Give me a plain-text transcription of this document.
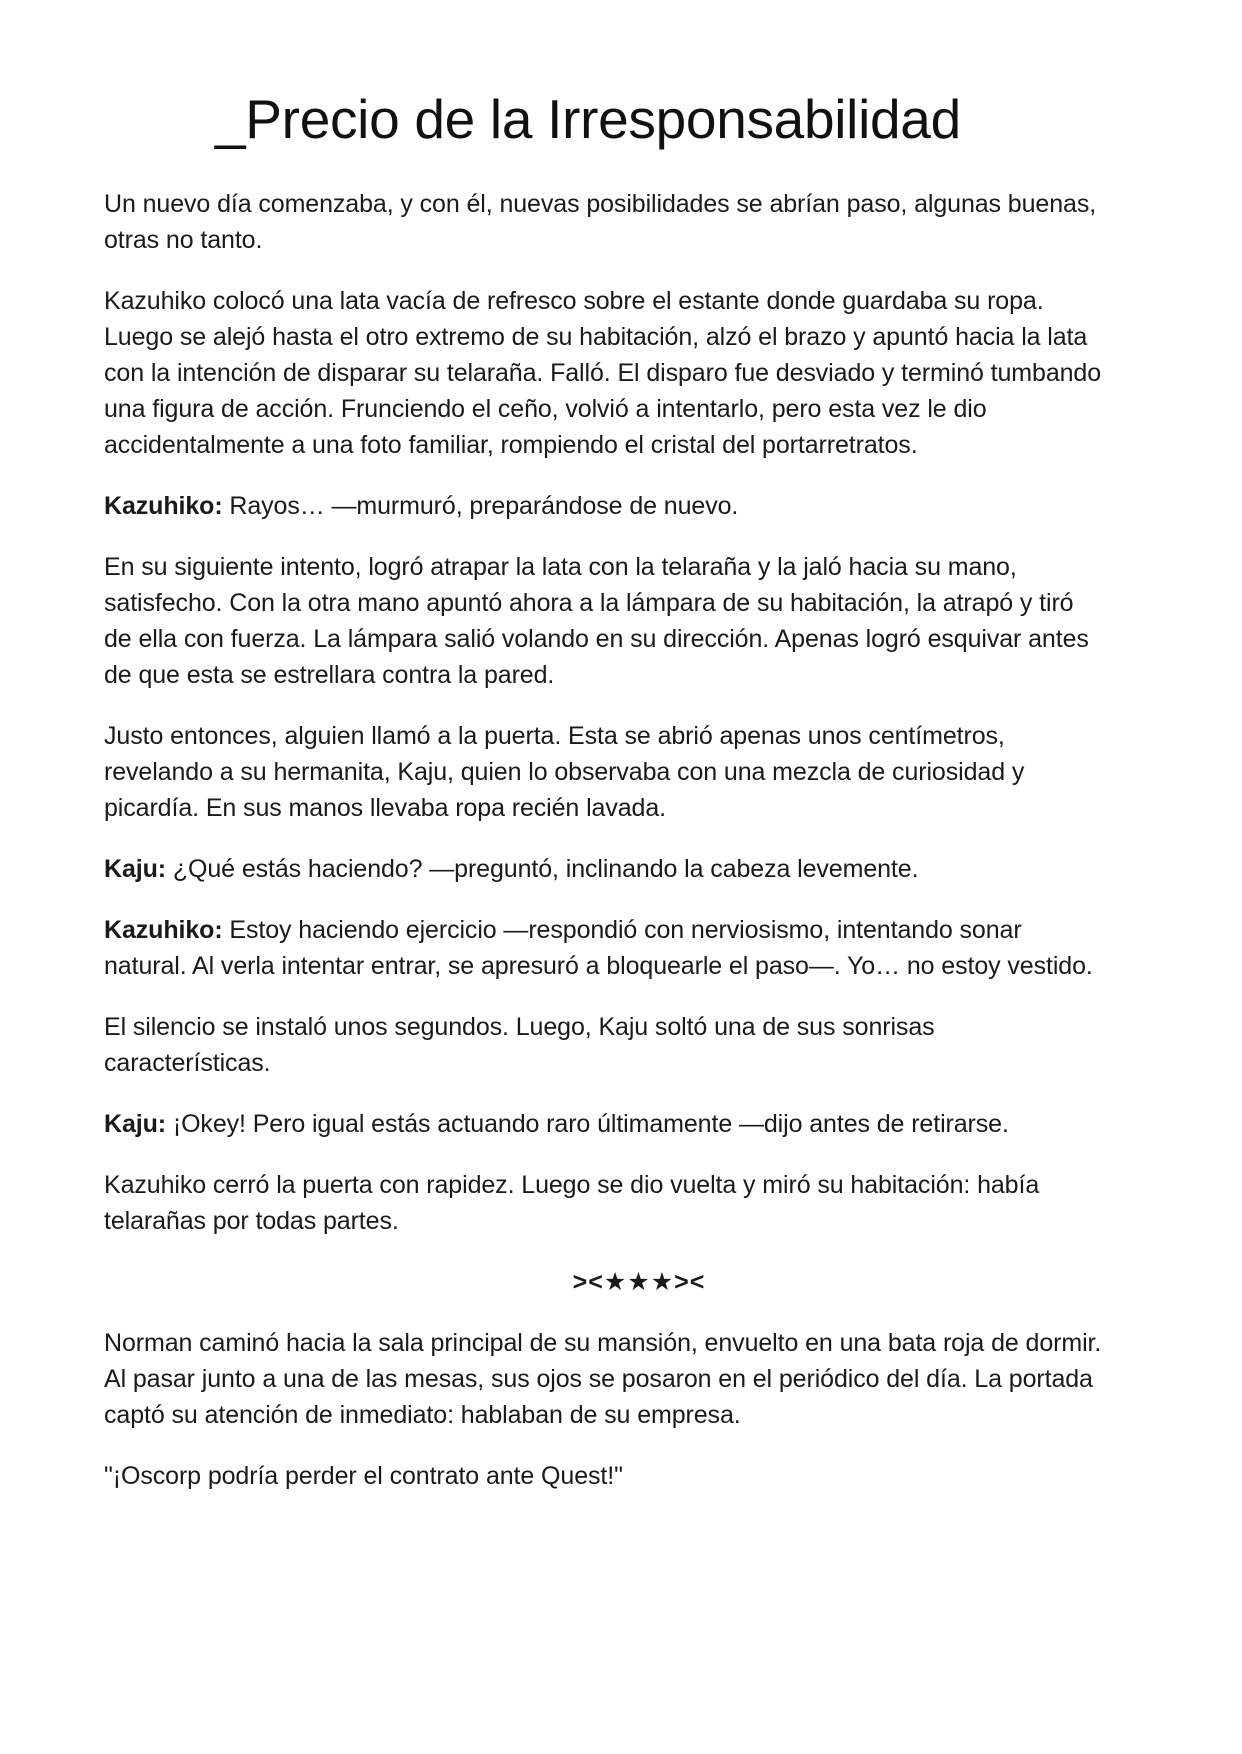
_Precio de la Irresponsabilidad

Un nuevo día comenzaba, y con él, nuevas posibilidades se abrían paso, algunas buenas, otras no tanto.

Kazuhiko colocó una lata vacía de refresco sobre el estante donde guardaba su ropa. Luego se alejó hasta el otro extremo de su habitación, alzó el brazo y apuntó hacia la lata con la intención de disparar su telaraña. Falló. El disparo fue desviado y terminó tumbando una figura de acción. Frunciendo el ceño, volvió a intentarlo, pero esta vez le dio accidentalmente a una foto familiar, rompiendo el cristal del portarretratos.

Kazuhiko: Rayos… —murmuró, preparándose de nuevo.

En su siguiente intento, logró atrapar la lata con la telaraña y la jaló hacia su mano, satisfecho. Con la otra mano apuntó ahora a la lámpara de su habitación, la atrapó y tiró de ella con fuerza. La lámpara salió volando en su dirección. Apenas logró esquivar antes de que esta se estrellara contra la pared.

Justo entonces, alguien llamó a la puerta. Esta se abrió apenas unos centímetros, revelando a su hermanita, Kaju, quien lo observaba con una mezcla de curiosidad y picardía. En sus manos llevaba ropa recién lavada.

Kaju: ¿Qué estás haciendo? —preguntó, inclinando la cabeza levemente.

Kazuhiko: Estoy haciendo ejercicio —respondió con nerviosismo, intentando sonar natural. Al verla intentar entrar, se apresuró a bloquearle el paso—. Yo… no estoy vestido.

El silencio se instaló unos segundos. Luego, Kaju soltó una de sus sonrisas características.

Kaju: ¡Okey! Pero igual estás actuando raro últimamente —dijo antes de retirarse.

Kazuhiko cerró la puerta con rapidez. Luego se dio vuelta y miró su habitación: había telarañas por todas partes.

><★★★><

Norman caminó hacia la sala principal de su mansión, envuelto en una bata roja de dormir. Al pasar junto a una de las mesas, sus ojos se posaron en el periódico del día. La portada captó su atención de inmediato: hablaban de su empresa.

"¡Oscorp podría perder el contrato ante Quest!"
